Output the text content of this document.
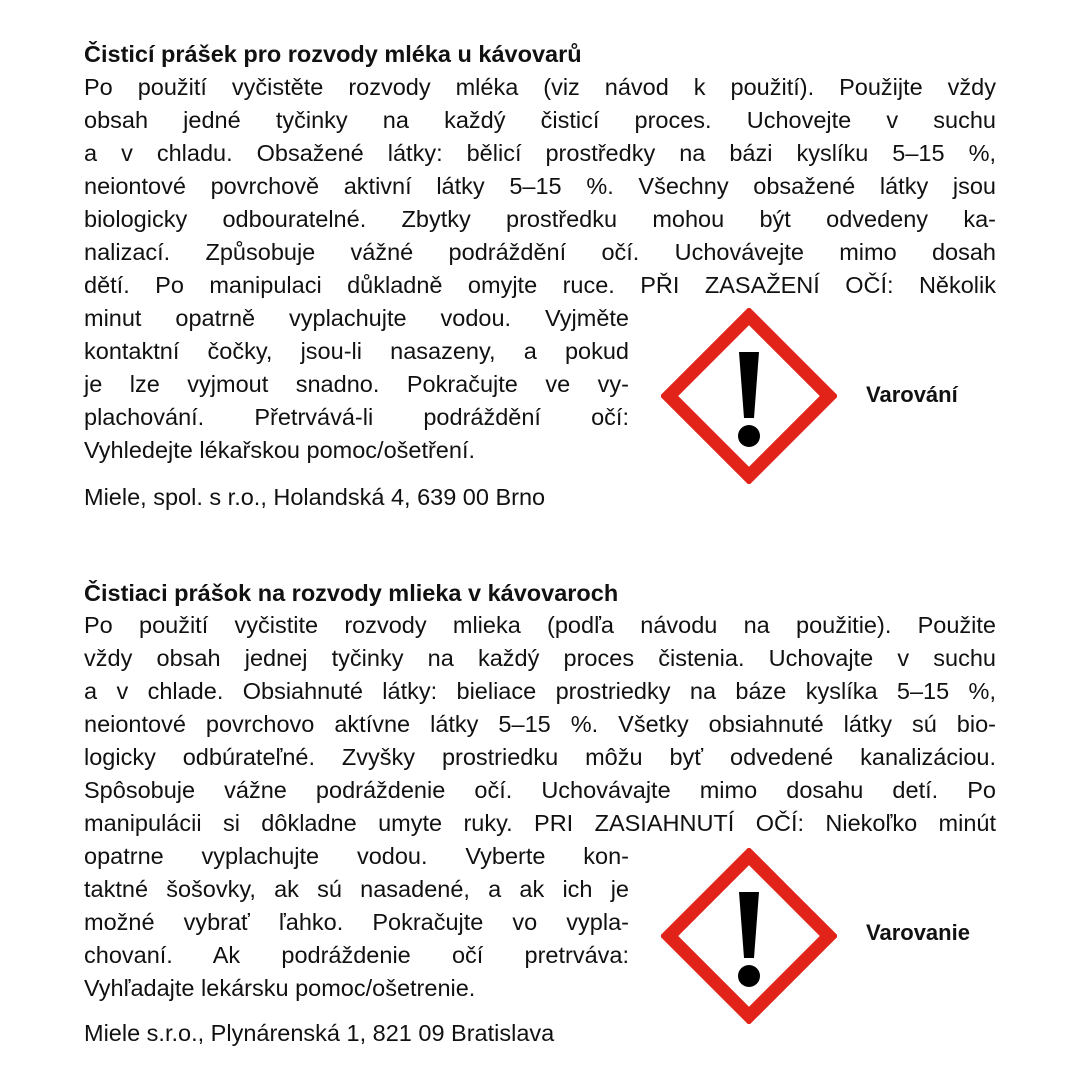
Čisticí prášek pro rozvody mléka u kávovarů
Po použití vyčistěte rozvody mléka (viz návod k použití). Použijte vždy
obsah jedné tyčinky na každý čisticí proces. Uchovejte v suchu
a v chladu. Obsažené látky: bělicí prostředky na bázi kyslíku 5–15 %,
neiontové povrchově aktivní látky 5–15 %. Všechny obsažené látky jsou
biologicky odbouratelné. Zbytky prostředku mohou být odvedeny ka-
nalizací. Způsobuje vážné podráždění očí. Uchovávejte mimo dosah
dětí. Po manipulaci důkladně omyjte ruce. PŘI ZASAŽENÍ OČÍ: Několik
minut opatrně vyplachujte vodou. Vyjměte
kontaktní čočky, jsou-li nasazeny, a pokud
je lze vyjmout snadno. Pokračujte ve vy-
plachování. Přetrvává-li podráždění očí:
Vyhledejte lékařskou pomoc/ošetření.
Varování
Miele, spol. s r.o., Holandská 4, 639 00 Brno
Čistiaci prášok na rozvody mlieka v kávovaroch
Po použití vyčistite rozvody mlieka (podľa návodu na použitie). Použite
vždy obsah jednej tyčinky na každý proces čistenia. Uchovajte v suchu
a v chlade. Obsiahnuté látky: bieliace prostriedky na báze kyslíka 5–15 %,
neiontové povrchovo aktívne látky 5–15 %. Všetky obsiahnuté látky sú bio-
logicky odbúrateľné. Zvyšky prostriedku môžu byť odvedené kanalizáciou.
Spôsobuje vážne podráždenie očí. Uchovávajte mimo dosahu detí. Po
manipulácii si dôkladne umyte ruky. PRI ZASIAHNUTÍ OČÍ: Niekoľko minút
opatrne vyplachujte vodou. Vyberte kon-
taktné šošovky, ak sú nasadené, a ak ich je
možné vybrať ľahko. Pokračujte vo vypla-
chovaní. Ak podráždenie očí pretrváva:
Vyhľadajte lekársku pomoc/ošetrenie.
Varovanie
Miele s.r.o., Plynárenská 1, 821 09 Bratislava
